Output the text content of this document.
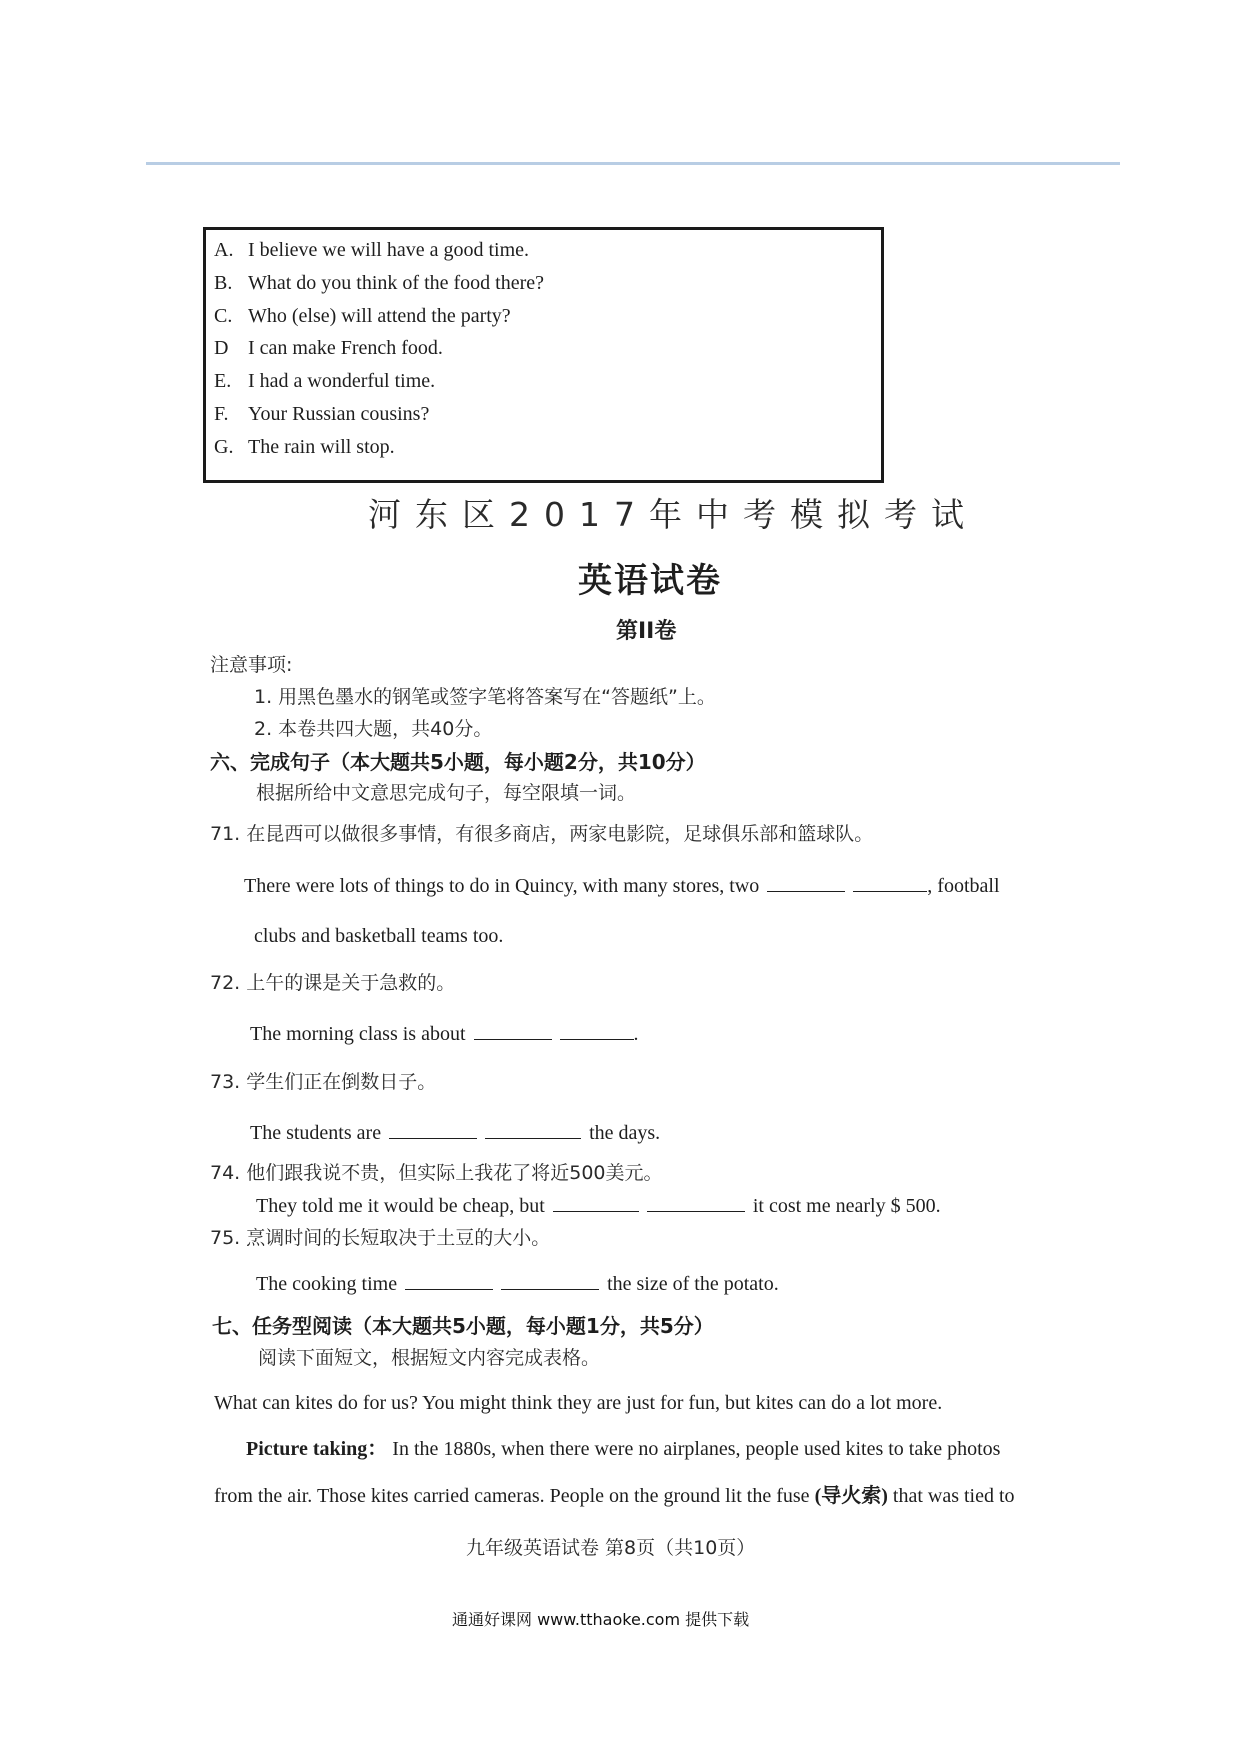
A. I believe we will have a good time.
B. What do you think of the food there?
C. Who (else) will attend the party?
D I can make French food.
E. I had a wonderful time.
F. Your Russian cousins?
G. The rain will stop.
河东区2017年中考模拟考试
英语试卷
第II卷
注意事项:
1. 用黑色墨水的钢笔或签字笔将答案写在“答题纸”上。
2. 本卷共四大题，共40分。
六、完成句子（本大题共5小题，每小题2分，共10分）
根据所给中文意思完成句子，每空限填一词。
71. 在昆西可以做很多事情，有很多商店，两家电影院，足球俱乐部和篮球队。
There were lots of things to do in Quincy, with many stores, two	, football
clubs and basketball teams too.
72. 上午的课是关于急救的。
The morning class is about	.
73. 学生们正在倒数日子。
The students are	the days.
74. 他们跟我说不贵，但实际上我花了将近500美元。
They told me it would be cheap, but	it cost me nearly $ 500.
75. 烹调时间的长短取决于土豆的大小。
The cooking time	the size of the potato.
七、任务型阅读（本大题共5小题，每小题1分，共5分）
阅读下面短文，根据短文内容完成表格。
What can kites do for us? You might think they are just for fun, but kites can do a lot more.
Picture taking： In the 1880s, when there were no airplanes, people used kites to take photos
from the air. Those kites carried cameras. People on the ground lit the fuse (导火索) that was tied to
九年级英语试卷 第8页（共10页）
通通好课网 www.tthaoke.com 提供下载
